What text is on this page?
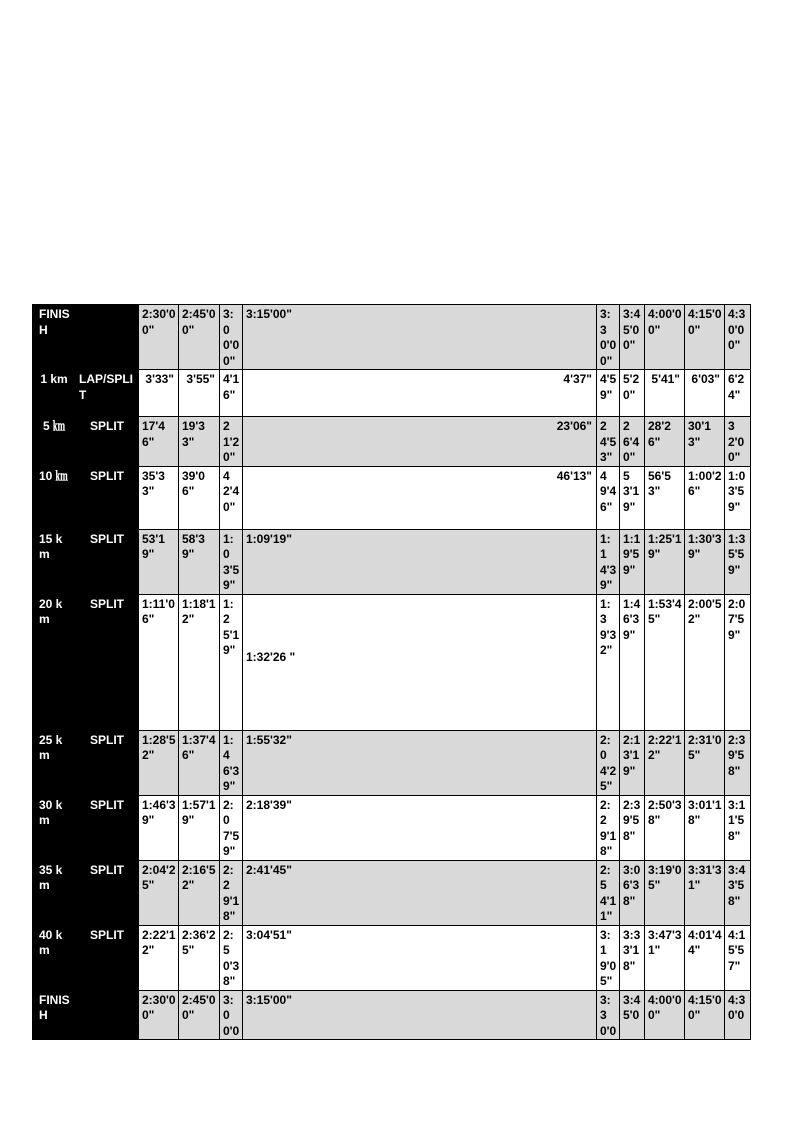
FINISH		2:30'00"	2:45'00"	3:00'0 0"	3:15'00"	3:30'0 0"	3:45'0 0"	4:00'00"	4:15'00"	4:30'0 0"
1 km	LAP/SPLIT	3'33"	3'55"	4'16"	4'37"	4'59"	5'20"	5'41"	6'03"	6'24"
5 ㎞	SPLIT	17'46"	19'33"	21'20"	23'06"	24'53"	26'40"	28'26"	30'13"	32'00"
10 ㎞	SPLIT	35'33"	39'06"	42'40"	46'13"	49'46"	53'19"	56'53"	1:00'26"	1:03'59"
15 km	SPLIT	53'19"	58'39"	1:03'59"	1:09'19"	1:14'39"	1:19'59"	1:25'19"	1:30'39"	1:35'59"
20 km	SPLIT	1:11'06"	1:18'12"	1:25'19"	1:32'26 "	1:39'32"	1:46'39"	1:53'45"	2:00'52"	2:07'59"
25 km	SPLIT	1:28'52"	1:37'46"	1:46'39"	1:55'32"	2:04'25"	2:13'19"	2:22'12"	2:31'05"	2:39'58"
30 km	SPLIT	1:46'39"	1:57'19"	2:07'59"	2:18'39"	2:29'18"	2:39'58"	2:50'38"	3:01'18"	3:11'58"
35 km	SPLIT	2:04'25"	2:16'52"	2:29'18"	2:41'45"	2:54'11"	3:06'38"	3:19'05"	3:31'31"	3:43'58"
40 km	SPLIT	2:22'12"	2:36'25"	2:50'38"	3:04'51"	3:19'05"	3:33'18"	3:47'31"	4:01'44"	4:15'57"
FINISH		2:30'00"	2:45'00"	3:00'0	3:15'00"	3:30'0	3:45'0	4:00'00"	4:15'00"	4:30'0
